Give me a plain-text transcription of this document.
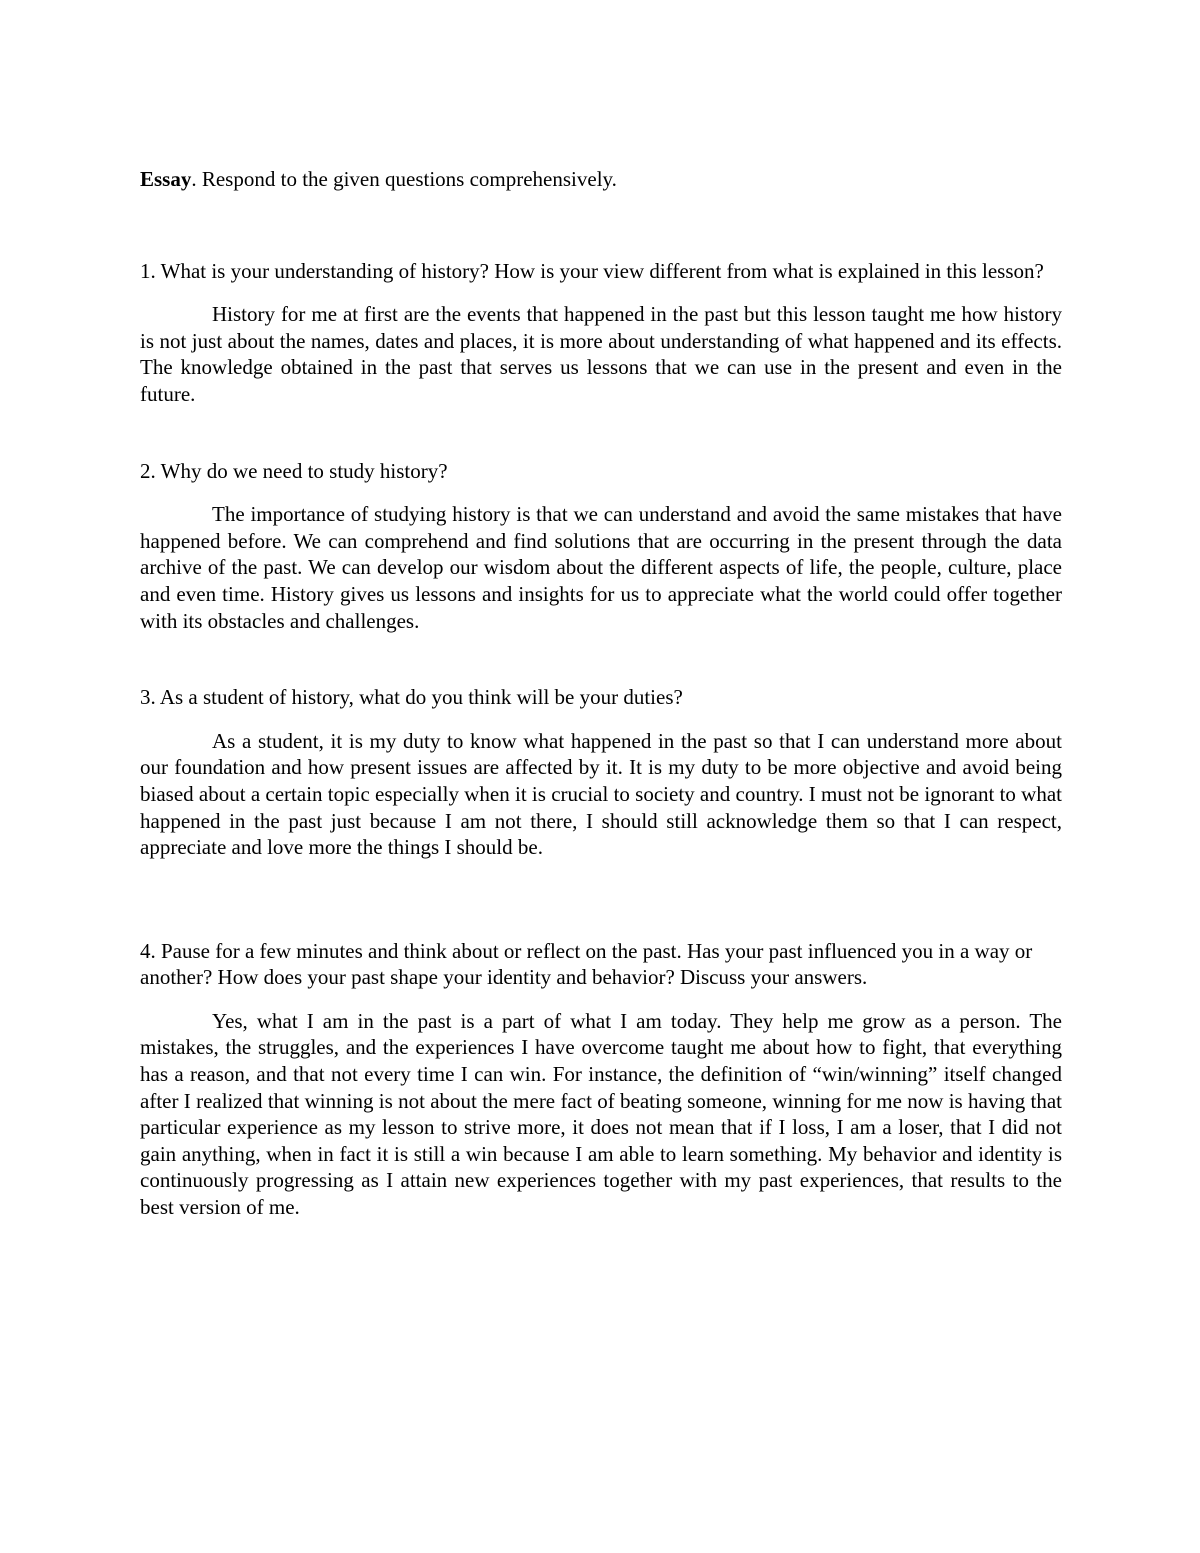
Essay. Respond to the given questions comprehensively.

1. What is your understanding of history? How is your view different from what is explained in this lesson?

History for me at first are the events that happened in the past but this lesson taught me how history is not just about the names, dates and places, it is more about understanding of what happened and its effects. The knowledge obtained in the past that serves us lessons that we can use in the present and even in the future.

2. Why do we need to study history?

The importance of studying history is that we can understand and avoid the same mistakes that have happened before. We can comprehend and find solutions that are occurring in the present through the data archive of the past. We can develop our wisdom about the different aspects of life, the people, culture, place and even time. History gives us lessons and insights for us to appreciate what the world could offer together with its obstacles and challenges.

3. As a student of history, what do you think will be your duties?

As a student, it is my duty to know what happened in the past so that I can understand more about our foundation and how present issues are affected by it. It is my duty to be more objective and avoid being biased about a certain topic especially when it is crucial to society and country. I must not be ignorant to what happened in the past just because I am not there, I should still acknowledge them so that I can respect, appreciate and love more the things I should be.

4. Pause for a few minutes and think about or reflect on the past. Has your past influenced you in a way or another? How does your past shape your identity and behavior? Discuss your answers.

Yes, what I am in the past is a part of what I am today. They help me grow as a person. The mistakes, the struggles, and the experiences I have overcome taught me about how to fight, that everything has a reason, and that not every time I can win. For instance, the definition of “win/winning” itself changed after I realized that winning is not about the mere fact of beating someone, winning for me now is having that particular experience as my lesson to strive more, it does not mean that if I loss, I am a loser, that I did not gain anything, when in fact it is still a win because I am able to learn something. My behavior and identity is continuously progressing as I attain new experiences together with my past experiences, that results to the best version of me.
